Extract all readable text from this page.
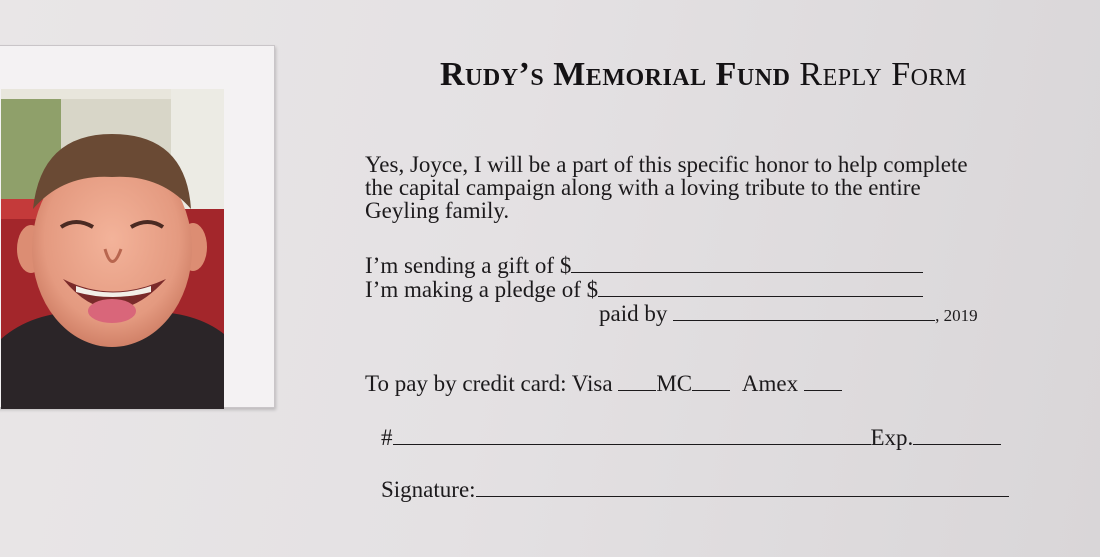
Rudy’s Memorial Fund Reply Form
Yes, Joyce, I will be a part of this specific honor to help complete
the capital campaign along with a loving tribute to the entire
Geyling family.
I’m sending a gift of $
I’m making a pledge of $
paid by	, 2019
To pay by credit card: Visa MC Amex
#	Exp.
Signature:
